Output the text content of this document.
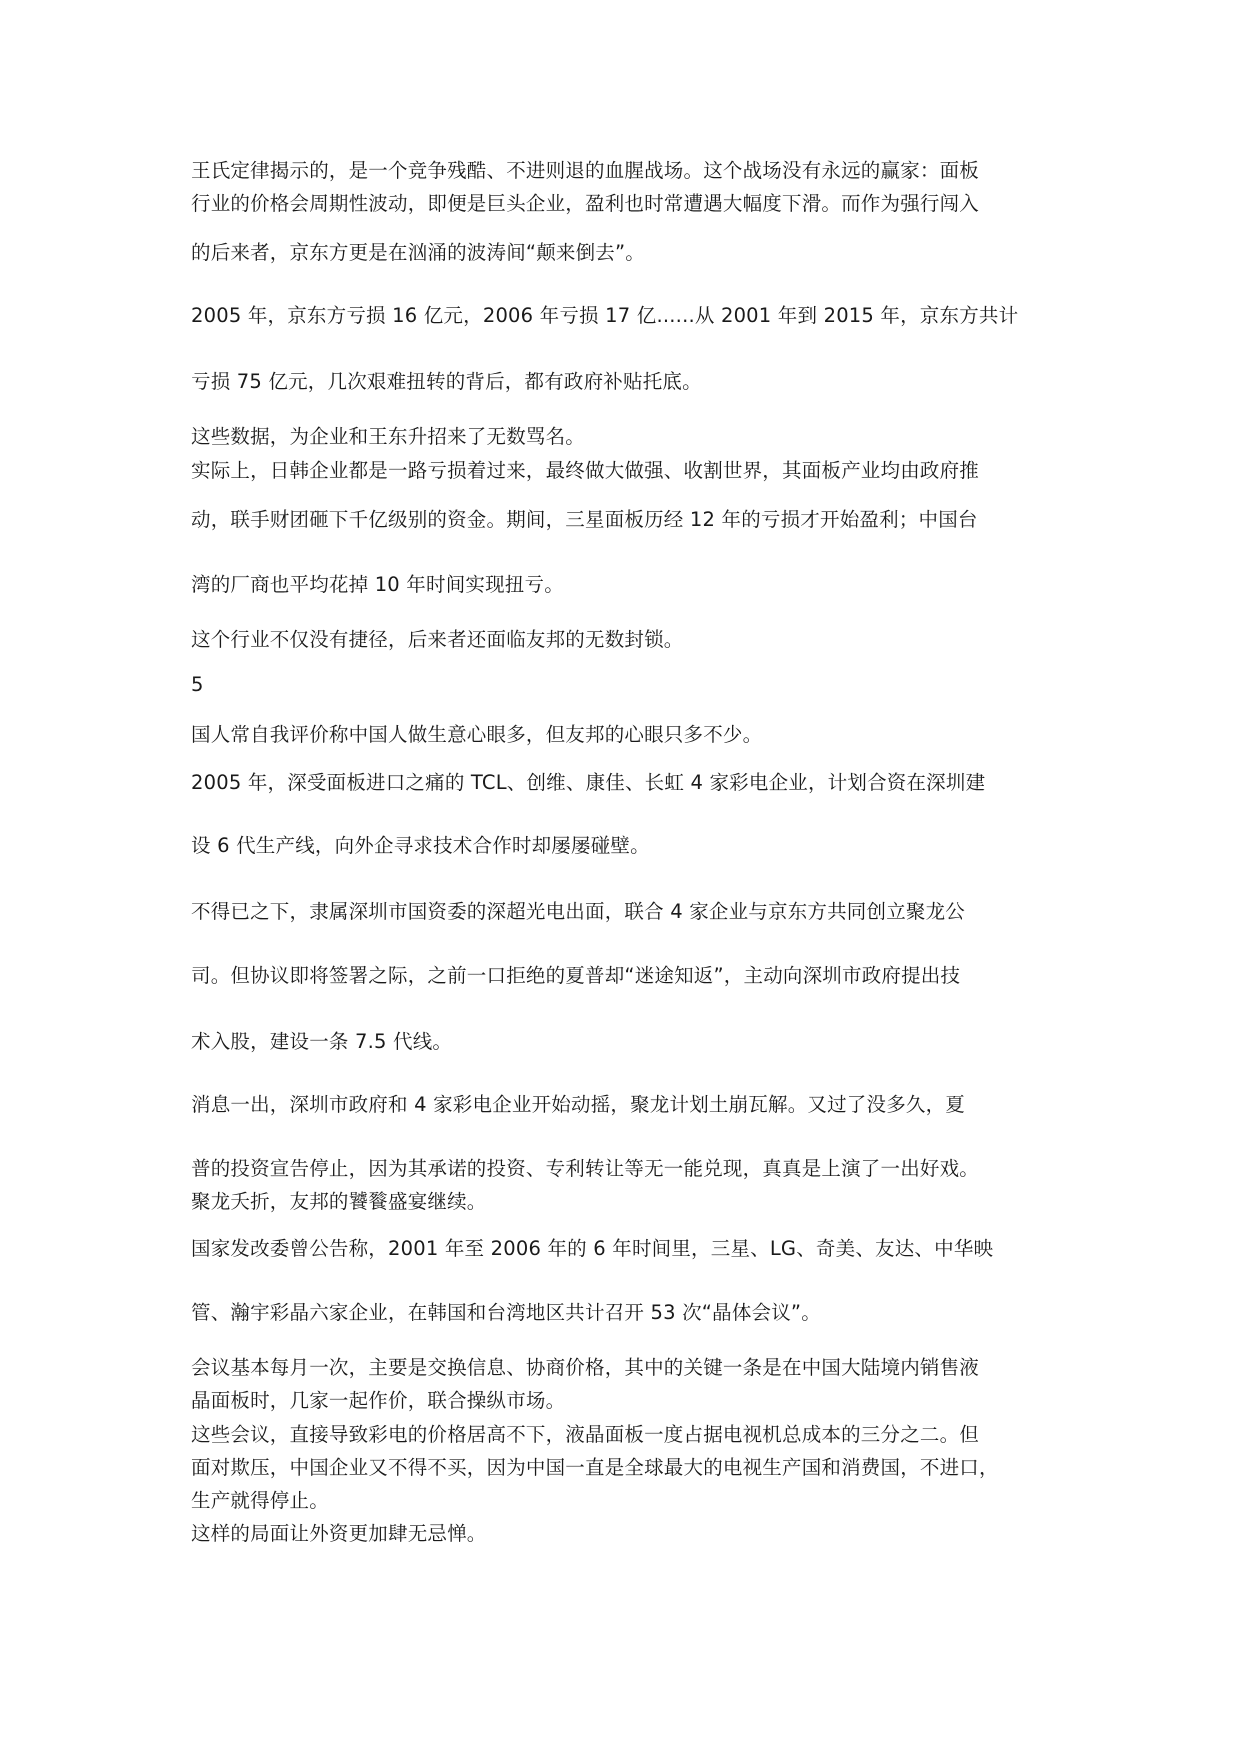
王氏定律揭示的，是一个竞争残酷、不进则退的血腥战场。这个战场没有永远的赢家：面板
行业的价格会周期性波动，即便是巨头企业，盈利也时常遭遇大幅度下滑。而作为强行闯入
的后来者，京东方更是在汹涌的波涛间“颠来倒去”。
2005 年，京东方亏损 16 亿元，2006 年亏损 17 亿......从 2001 年到 2015 年，京东方共计
亏损 75 亿元，几次艰难扭转的背后，都有政府补贴托底。
这些数据，为企业和王东升招来了无数骂名。
实际上，日韩企业都是一路亏损着过来，最终做大做强、收割世界，其面板产业均由政府推
动，联手财团砸下千亿级别的资金。期间，三星面板历经 12 年的亏损才开始盈利；中国台
湾的厂商也平均花掉 10 年时间实现扭亏。
这个行业不仅没有捷径，后来者还面临友邦的无数封锁。
5
国人常自我评价称中国人做生意心眼多，但友邦的心眼只多不少。
2005 年，深受面板进口之痛的 TCL、创维、康佳、长虹 4 家彩电企业，计划合资在深圳建
设 6 代生产线，向外企寻求技术合作时却屡屡碰壁。
不得已之下，隶属深圳市国资委的深超光电出面，联合 4 家企业与京东方共同创立聚龙公
司。但协议即将签署之际，之前一口拒绝的夏普却“迷途知返”，主动向深圳市政府提出技
术入股，建设一条 7.5 代线。
消息一出，深圳市政府和 4 家彩电企业开始动摇，聚龙计划土崩瓦解。又过了没多久，夏
普的投资宣告停止，因为其承诺的投资、专利转让等无一能兑现，真真是上演了一出好戏。
聚龙夭折，友邦的饕餮盛宴继续。
国家发改委曾公告称，2001 年至 2006 年的 6 年时间里，三星、LG、奇美、友达、中华映
管、瀚宇彩晶六家企业，在韩国和台湾地区共计召开 53 次“晶体会议”。
会议基本每月一次，主要是交换信息、协商价格，其中的关键一条是在中国大陆境内销售液
晶面板时，几家一起作价，联合操纵市场。
这些会议，直接导致彩电的价格居高不下，液晶面板一度占据电视机总成本的三分之二。但
面对欺压，中国企业又不得不买，因为中国一直是全球最大的电视生产国和消费国，不进口，
生产就得停止。
这样的局面让外资更加肆无忌惮。
